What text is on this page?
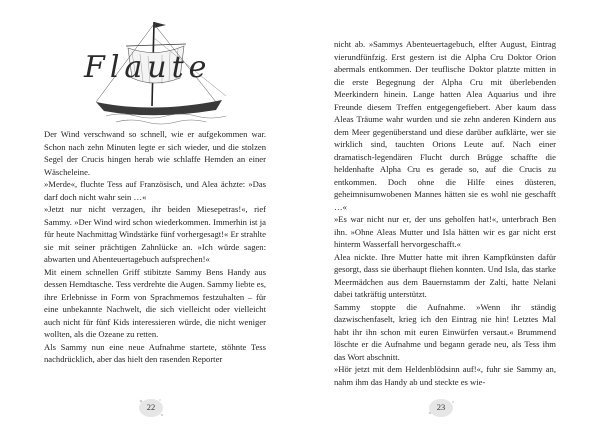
Flaute

Der Wind verschwand so schnell, wie er aufgekommen war. Schon nach zehn Minuten legte er sich wieder, und die stolzen Segel der Crucis hingen herab wie schlaffe Hemden an einer Wäscheleine.

»Merde«, fluchte Tess auf Französisch, und Alea ächzte: »Das darf doch nicht wahr sein …«

»Jetzt nur nicht verzagen, ihr beiden Miesepetras!«, rief Sammy. »Der Wind wird schon wiederkommen. Immerhin ist ja für heute Nachmittag Windstärke fünf vorhergesagt!« Er strahlte sie mit seiner prächtigen Zahnlücke an. »Ich würde sagen: abwarten und Abenteuertagebuch aufsprechen!«

Mit einem schnellen Griff stibitzte Sammy Bens Handy aus dessen Hemdtasche. Tess verdrehte die Augen. Sammy liebte es, ihre Erlebnisse in Form von Sprachmemos festzuhalten – für eine unbekannte Nachwelt, die sich vielleicht oder vielleicht auch nicht für fünf Kids interessieren würde, die nicht weniger wollten, als die Ozeane zu retten.

Als Sammy nun eine neue Aufnahme startete, stöhnte Tess nachdrücklich, aber das hielt den rasenden Reporter

22

nicht ab. »Sammys Abenteuertagebuch, elfter August, Eintrag vierundfünfzig. Erst gestern ist die Alpha Cru Doktor Orion abermals entkommen. Der teuflische Doktor platzte mitten in die erste Begegnung der Alpha Cru mit überlebenden Meerkindern hinein. Lange hatten Alea Aquarius und ihre Freunde diesem Treffen entgegengefiebert. Aber kaum dass Aleas Träume wahr wurden und sie zehn anderen Kindern aus dem Meer gegenüberstand und diese darüber aufklärte, wer sie wirklich sind, tauchten Orions Leute auf. Nach einer dramatisch-legendären Flucht durch Brügge schaffte die heldenhafte Alpha Cru es gerade so, auf die Crucis zu entkommen. Doch ohne die Hilfe eines düsteren, geheimnisumwobenen Mannes hätten sie es wohl nie geschafft …«

»Es war nicht nur er, der uns geholfen hat!«, unterbrach Ben ihn. »Ohne Aleas Mutter und Isla hätten wir es gar nicht erst hinterm Wasserfall hervorgeschafft.«

Alea nickte. Ihre Mutter hatte mit ihren Kampfkünsten dafür gesorgt, dass sie überhaupt fliehen konnten. Und Isla, das starke Meermädchen aus dem Bauernstamm der Zalti, hatte Nelani dabei tatkräftig unterstützt.

Sammy stoppte die Aufnahme. »Wenn ihr ständig dazwischenfaselt, krieg ich den Eintrag nie hin! Letztes Mal habt ihr ihn schon mit euren Einwürfen versaut.« Brummend löschte er die Aufnahme und begann gerade neu, als Tess ihm das Wort abschnitt.

»Hör jetzt mit dem Heldenblödsinn auf!«, fuhr sie Sammy an, nahm ihm das Handy ab und steckte es wie-

23
